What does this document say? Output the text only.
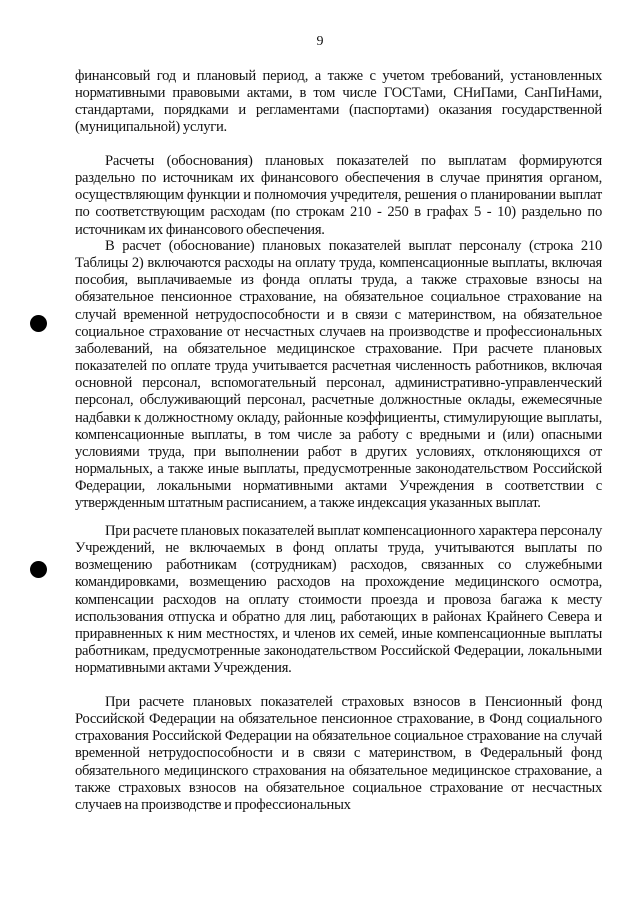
9

финансовый год и плановый период, а также с учетом требований, установленных нормативными правовыми актами, в том числе ГОСТами, СНиПами, СанПиНами, стандартами, порядками и регламентами (паспортами) оказания государственной (муниципальной) услуги.

Расчеты (обоснования) плановых показателей по выплатам формируются раздельно по источникам их финансового обеспечения в случае принятия органом, осуществляющим функции и полномочия учредителя, решения о планировании выплат по соответствующим расходам (по строкам 210 - 250 в графах 5 - 10) раздельно по источникам их финансового обеспечения.

В расчет (обоснование) плановых показателей выплат персоналу (строка 210 Таблицы 2) включаются расходы на оплату труда, компенсационные выплаты, включая пособия, выплачиваемые из фонда оплаты труда, а также страховые взносы на обязательное пенсионное страхование, на обязательное социальное страхование на случай временной нетрудоспособности и в связи с материнством, на обязательное социальное страхование от несчастных случаев на производстве и профессиональных заболеваний, на обязательное медицинское страхование. При расчете плановых показателей по оплате труда учитывается расчетная численность работников, включая основной персонал, вспомогательный персонал, административно-управленческий персонал, обслуживающий персонал, расчетные должностные оклады, ежемесячные надбавки к должностному окладу, районные коэффициенты, стимулирующие выплаты, компенсационные выплаты, в том числе за работу с вредными и (или) опасными условиями труда, при выполнении работ в других условиях, отклоняющихся от нормальных, а также иные выплаты, предусмотренные законодательством Российской Федерации, локальными нормативными актами Учреждения в соответствии с утвержденным штатным расписанием, а также индексация указанных выплат.

При расчете плановых показателей выплат компенсационного характера персоналу Учреждений, не включаемых в фонд оплаты труда, учитываются выплаты по возмещению работникам (сотрудникам) расходов, связанных со служебными командировками, возмещению расходов на прохождение медицинского осмотра, компенсации расходов на оплату стоимости проезда и провоза багажа к месту использования отпуска и обратно для лиц, работающих в районах Крайнего Севера и приравненных к ним местностях, и членов их семей, иные компенсационные выплаты работникам, предусмотренные законодательством Российской Федерации, локальными нормативными актами Учреждения.

При расчете плановых показателей страховых взносов в Пенсионный фонд Российской Федерации на обязательное пенсионное страхование, в Фонд социального страхования Российской Федерации на обязательное социальное страхование на случай временной нетрудоспособности и в связи с материнством, в Федеральный фонд обязательного медицинского страхования на обязательное медицинское страхование, а также страховых взносов на обязательное социальное страхование от несчастных случаев на производстве и профессиональных
